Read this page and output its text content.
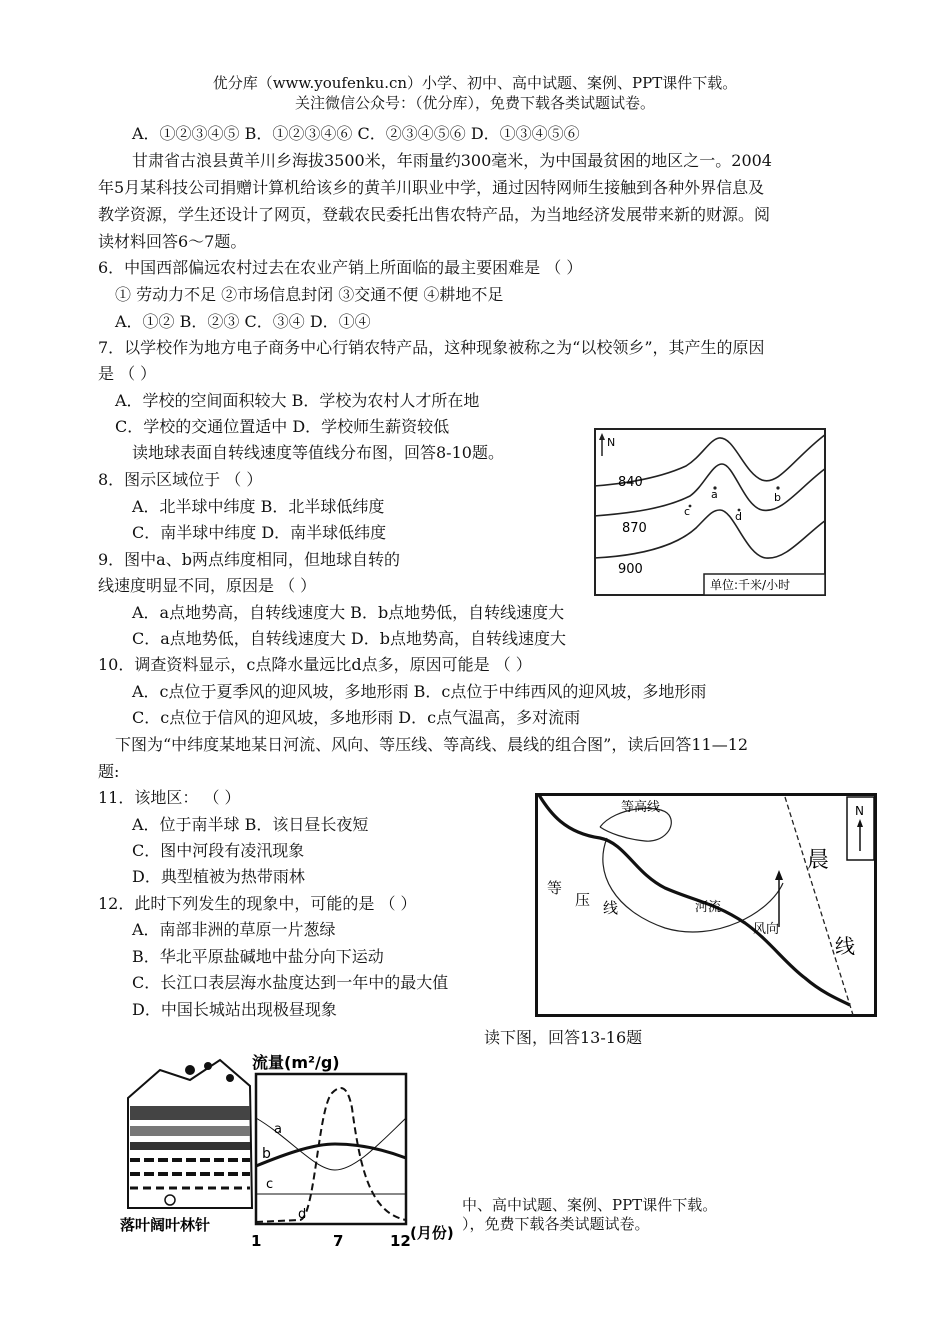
优分库（www.youfenku.cn）小学、初中、高中试题、案例、PPT课件下载。
关注微信公众号：（优分库），免费下载各类试题试卷。
A．①②③④⑤ B．①②③④⑥ C．②③④⑤⑥ D．①③④⑤⑥
甘肃省古浪县黄羊川乡海拔3500米，年雨量约300毫米，为中国最贫困的地区之一。2004
年5月某科技公司捐赠计算机给该乡的黄羊川职业中学，通过因特网师生接触到各种外界信息及
教学资源，学生还设计了网页，登载农民委托出售农特产品，为当地经济发展带来新的财源。阅
读材料回答6～7题。
6．中国西部偏远农村过去在农业产销上所面临的最主要困难是 （ ）
① 劳动力不足 ②市场信息封闭 ③交通不便 ④耕地不足
A．①② B．②③ C．③④ D．①④
7．以学校作为地方电子商务中心行销农特产品，这种现象被称之为“以校领乡”，其产生的原因
是 （ ）
A．学校的空间面积较大 B．学校为农村人才所在地
C．学校的交通位置适中 D．学校师生薪资较低
读地球表面自转线速度等值线分布图，回答8-10题。
8．图示区域位于 （ ）
A．北半球中纬度 B．北半球低纬度
C．南半球中纬度 D．南半球低纬度
9．图中a、b两点纬度相同，但地球自转的
线速度明显不同，原因是 （ ）
A．a点地势高，自转线速度大 B．b点地势低，自转线速度大
C．a点地势低，自转线速度大 D．b点地势高，自转线速度大
10．调查资料显示，c点降水量远比d点多，原因可能是 （ ）
A．c点位于夏季风的迎风坡，多地形雨 B．c点位于中纬西风的迎风坡，多地形雨
C．c点位于信风的迎风坡，多地形雨 D．c点气温高，多对流雨
下图为“中纬度某地某日河流、风向、等压线、等高线、晨线的组合图”，读后回答11—12
题:
11．该地区： （ ）
A．位于南半球 B．该日昼长夜短
C．图中河段有凌汛现象
D．典型植被为热带雨林
12．此时下列发生的现象中，可能的是 （ ）
A．南部非洲的草原一片葱绿
B．华北平原盐碱地中盐分向下运动
C．长江口表层海水盐度达到一年中的最大值
D．中国长城站出现极昼现象
读下图，回答13-16题
N
840
870
900
a	b
c	d
单位:千米/小时
N
等高线
等
压 线	河流
风向
晨
线
落叶阔叶林针
流量(m²/g)
a
b
c
d
1	7	12 (月份)
中、高中试题、案例、PPT课件下载。
），免费下载各类试题试卷。
